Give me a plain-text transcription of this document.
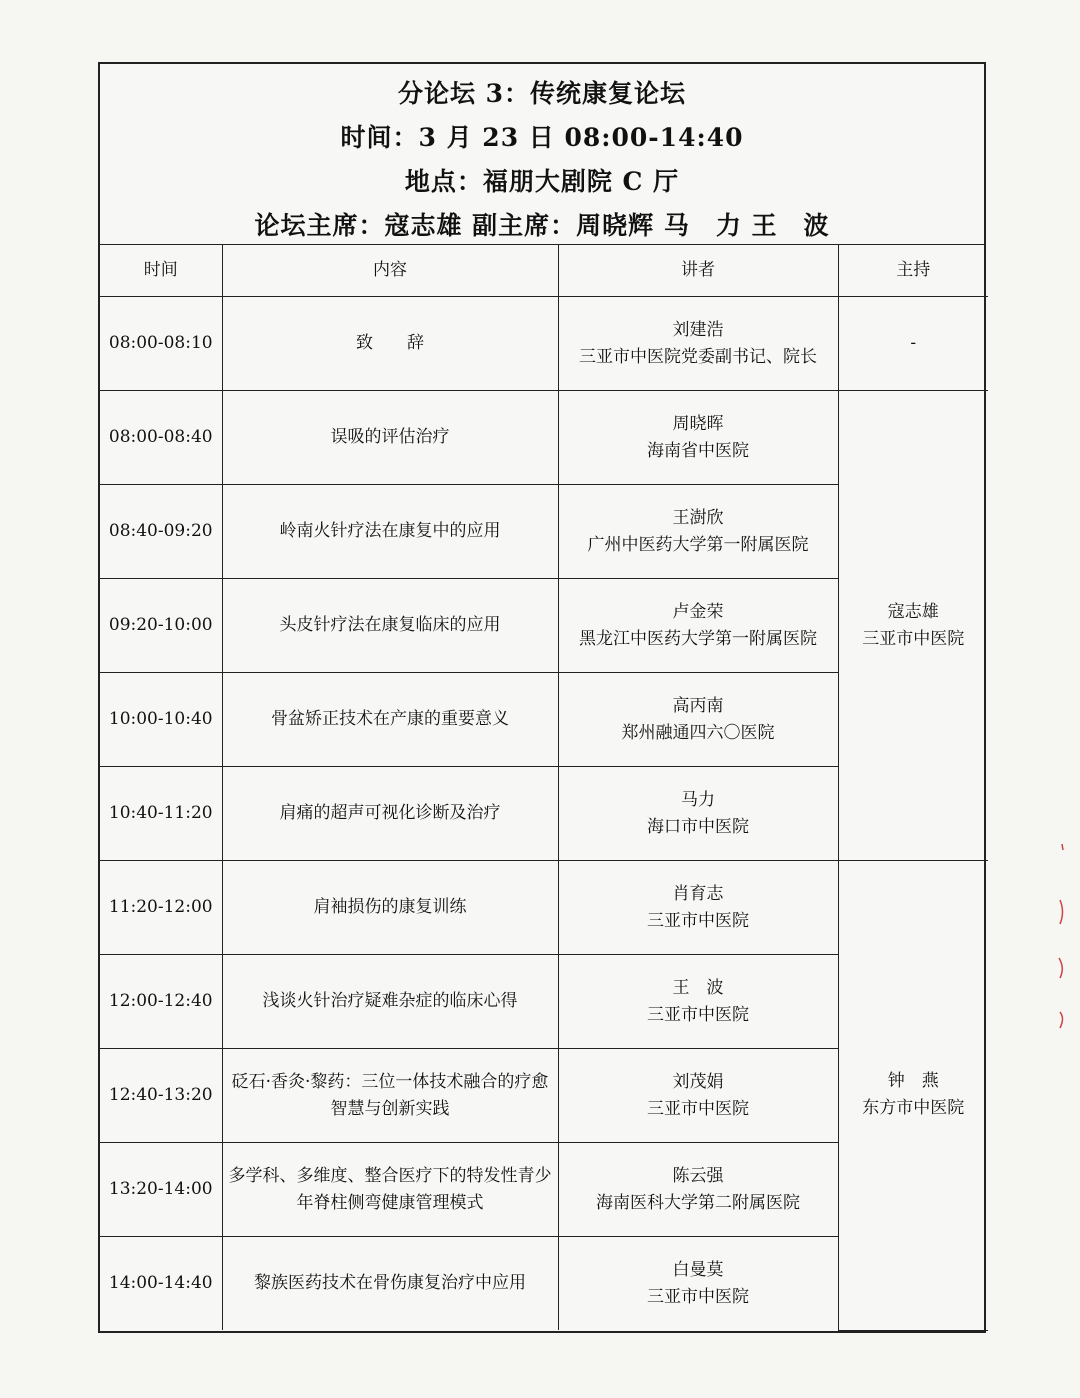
分论坛 3：传统康复论坛
时间：3 月 23 日 08:00-14:40
地点：福朋大剧院 C 厅
论坛主席：寇志雄 副主席：周晓辉 马　力 王　波
时间	内容	讲者	主持
08:00-08:10	致　　辞	刘建浩
三亚市中医院党委副书记、院长	-

08:00-08:40	误吸的评估治疗	周晓晖
海南省中医院	寇志雄
三亚市中医院

08:40-09:20	岭南火针疗法在康复中的应用	王澍欣
广州中医药大学第一附属医院	

09:20-10:00	头皮针疗法在康复临床的应用	卢金荣
黑龙江中医药大学第一附属医院	

10:00-10:40	骨盆矫正技术在产康的重要意义	高丙南
郑州融通四六〇医院	

10:40-11:20	肩痛的超声可视化诊断及治疗	马力
海口市中医院	

11:20-12:00	肩袖损伤的康复训练	肖育志
三亚市中医院	钟　燕
东方市中医院

12:00-12:40	浅谈火针治疗疑难杂症的临床心得	王　波
三亚市中医院	

12:40-13:20	砭石·香灸·黎药：三位一体技术融合的疗愈智慧与创新实践	刘茂娟
三亚市中医院	

13:20-14:00	多学科、多维度、整合医疗下的特发性青少年脊柱侧弯健康管理模式	陈云强
海南医科大学第二附属医院	

14:00-14:40	黎族医药技术在骨伤康复治疗中应用	白曼莫
三亚市中医院	
